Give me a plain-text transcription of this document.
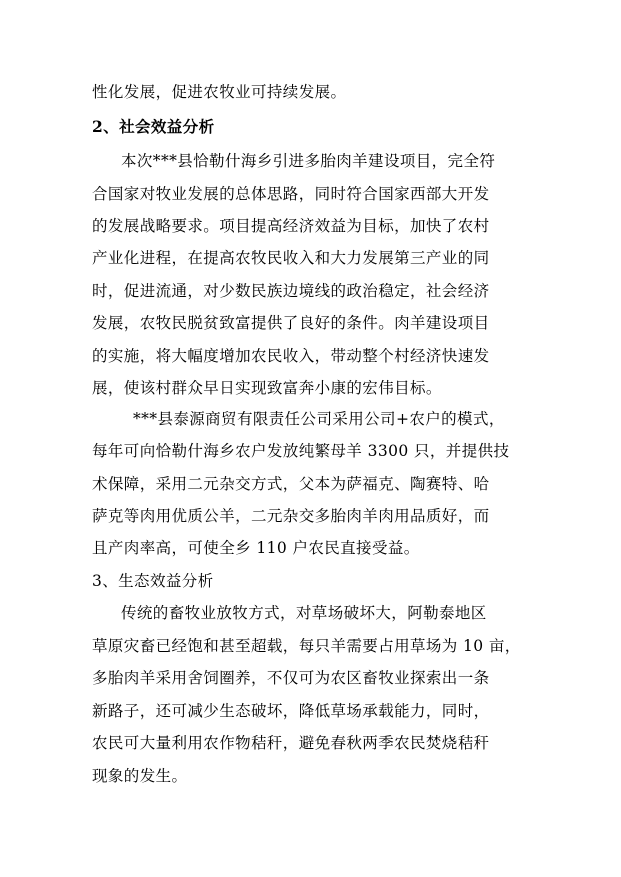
性化发展，促进农牧业可持续发展。
2、社会效益分析
本次***县恰勒什海乡引进多胎肉羊建设项目，完全符
合国家对牧业发展的总体思路，同时符合国家西部大开发
的发展战略要求。项目提高经济效益为目标，加快了农村
产业化进程，在提高农牧民收入和大力发展第三产业的同
时，促进流通，对少数民族边境线的政治稳定，社会经济
发展，农牧民脱贫致富提供了良好的条件。肉羊建设项目
的实施，将大幅度增加农民收入，带动整个村经济快速发
展，使该村群众早日实现致富奔小康的宏伟目标。
***县泰源商贸有限责任公司采用公司+农户的模式，
每年可向恰勒什海乡农户发放纯繁母羊 3300 只，并提供技
术保障，采用二元杂交方式，父本为萨福克、陶赛特、哈
萨克等肉用优质公羊，二元杂交多胎肉羊肉用品质好，而
且产肉率高，可使全乡 110 户农民直接受益。
3、生态效益分析
传统的畜牧业放牧方式，对草场破坏大，阿勒泰地区
草原灾畜已经饱和甚至超载，每只羊需要占用草场为 10 亩，
多胎肉羊采用舍饲圈养，不仅可为农区畜牧业探索出一条
新路子，还可减少生态破坏，降低草场承载能力，同时，
农民可大量利用农作物秸秆，避免春秋两季农民焚烧秸秆
现象的发生。
